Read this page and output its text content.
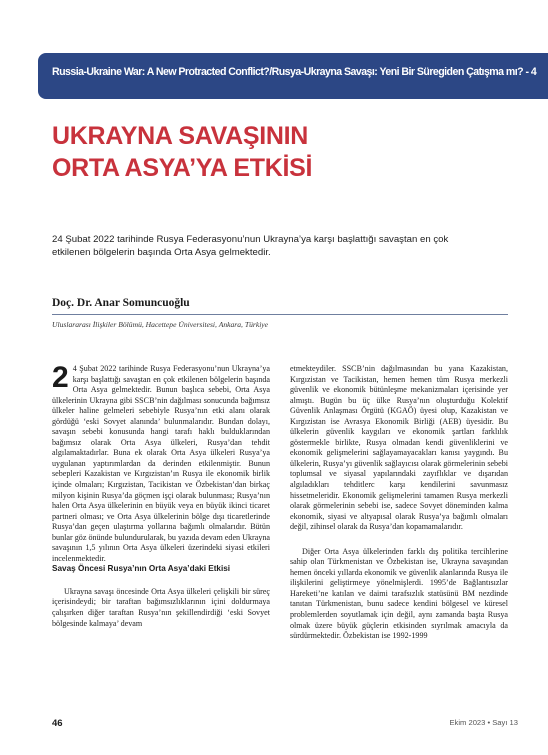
Russia-Ukraine War: A New Protracted Conflict?/Rusya-Ukrayna Savaşı: Yeni Bir Süregiden Çatışma mı? - 4
UKRAYNA SAVAŞININ
ORTA ASYA’YA ETKİSİ

24 Şubat 2022 tarihinde Rusya Federasyonu’nun Ukrayna’ya karşı başlattığı savaştan en çok etkilenen bölgelerin başında Orta Asya gelmektedir.

Doç. Dr. Anar Somuncuoğlu

Uluslararası İlişkiler Bölümü, Hacettepe Üniversitesi, Ankara, Türkiye

2 4 Şubat 2022 tarihinde Rusya Federasyonu’nun Ukrayna’ya karşı başlattığı savaştan en çok etkilenen bölgelerin başında Orta Asya gelmektedir. Bunun başlıca sebebi, Orta Asya ülkelerinin Ukrayna gibi SSCB’nin dağılması sonucunda bağımsız ülkeler haline gelmeleri sebebiyle Rusya’nın etki alanı olarak gördüğü ‘eski Sovyet alanında’ bulunmalarıdır. Bundan dolayı, savaşın sebebi konusunda hangi tarafı haklı bulduklarından bağımsız olarak Orta Asya ülkeleri, Rusya’dan tehdit algılamaktadırlar. Buna ek olarak Orta Asya ülkeleri Rusya’ya uygulanan yaptırımlardan da derinden etkilenmiştir. Bunun sebepleri Kazakistan ve Kırgızistan’ın Rusya ile ekonomik birlik içinde olmaları; Kırgızistan, Tacikistan ve Özbekistan’dan birkaç milyon kişinin Rusya’da göçmen işçi olarak bulunması; Rusya’nın halen Orta Asya ülkelerinin en büyük veya en büyük ikinci ticaret partneri olması; ve Orta Asya ülkelerinin bölge dışı ticaretlerinde Rusya’dan geçen ulaştırma yollarına bağımlı olmalarıdır. Bütün bunlar göz önünde bulundurularak, bu yazıda devam eden Ukrayna savaşının 1,5 yılının Orta Asya ülkeleri üzerindeki siyasi etkileri incelenmektedir.

Savaş Öncesi Rusya’nın Orta Asya’daki Etkisi

Ukrayna savaşı öncesinde Orta Asya ülkeleri çelişkili bir süreç içerisindeydi; bir taraftan bağımsızlıklarının içini doldurmaya çalışırken diğer taraftan Rusya’nın şekillendirdiği ‘eski Sovyet bölgesinde kalmaya’ devam

etmekteydiler. SSCB’nin dağılmasından bu yana Kazakistan, Kırgızistan ve Tacikistan, hemen hemen tüm Rusya merkezli güvenlik ve ekonomik bütünleşme mekanizmaları içerisinde yer almıştı. Bugün bu üç ülke Rusya’nın oluşturduğu Kolektif Güvenlik Anlaşması Örgütü (KGAÖ) üyesi olup, Kazakistan ve Kırgızistan ise Avrasya Ekonomik Birliği (AEB) üyesidir. Bu ülkelerin güvenlik kaygıları ve ekonomik şartları farklılık göstermekle birlikte, Rusya olmadan kendi güvenliklerini ve ekonomik gelişmelerini sağlayamayacakları kanısı yaygındı. Bu ülkelerin, Rusya’yı güvenlik sağlayıcısı olarak görmelerinin sebebi toplumsal ve siyasal yapılarındaki zayıflıklar ve dışarıdan algıladıkları tehditlerc karşı kendilerini savunmasız hissetmeleridir. Ekonomik gelişmelerini tamamen Rusya merkezli olarak görmelerinin sebebi ise, sadece Sovyet döneminden kalma ekonomik, siyasi ve altyapısal olarak Rusya’ya bağımlı olmaları değil, zihinsel olarak da Rusya’dan kopamamalarıdır.

Diğer Orta Asya ülkelerinden farklı dış politika tercihlerine sahip olan Türkmenistan ve Özbekistan ise, Ukrayna savaşından hemen önceki yıllarda ekonomik ve güvenlik alanlarında Rusya ile ilişkilerini geliştirmeye yönelmişlerdi. 1995’de Bağlantısızlar Hareketi’ne katılan ve daimi tarafsızlık statüsünü BM nezdinde tanıtan Türkmenistan, bunu sadece kendini bölgesel ve küresel problemlerden soyutlamak için değil, aynı zamanda başta Rusya olmak üzere büyük güçlerin etkisinden sıyrılmak amacıyla da sürdürmektedir. Özbekistan ise 1992-1999

46	Ekim 2023 • Sayı 13
